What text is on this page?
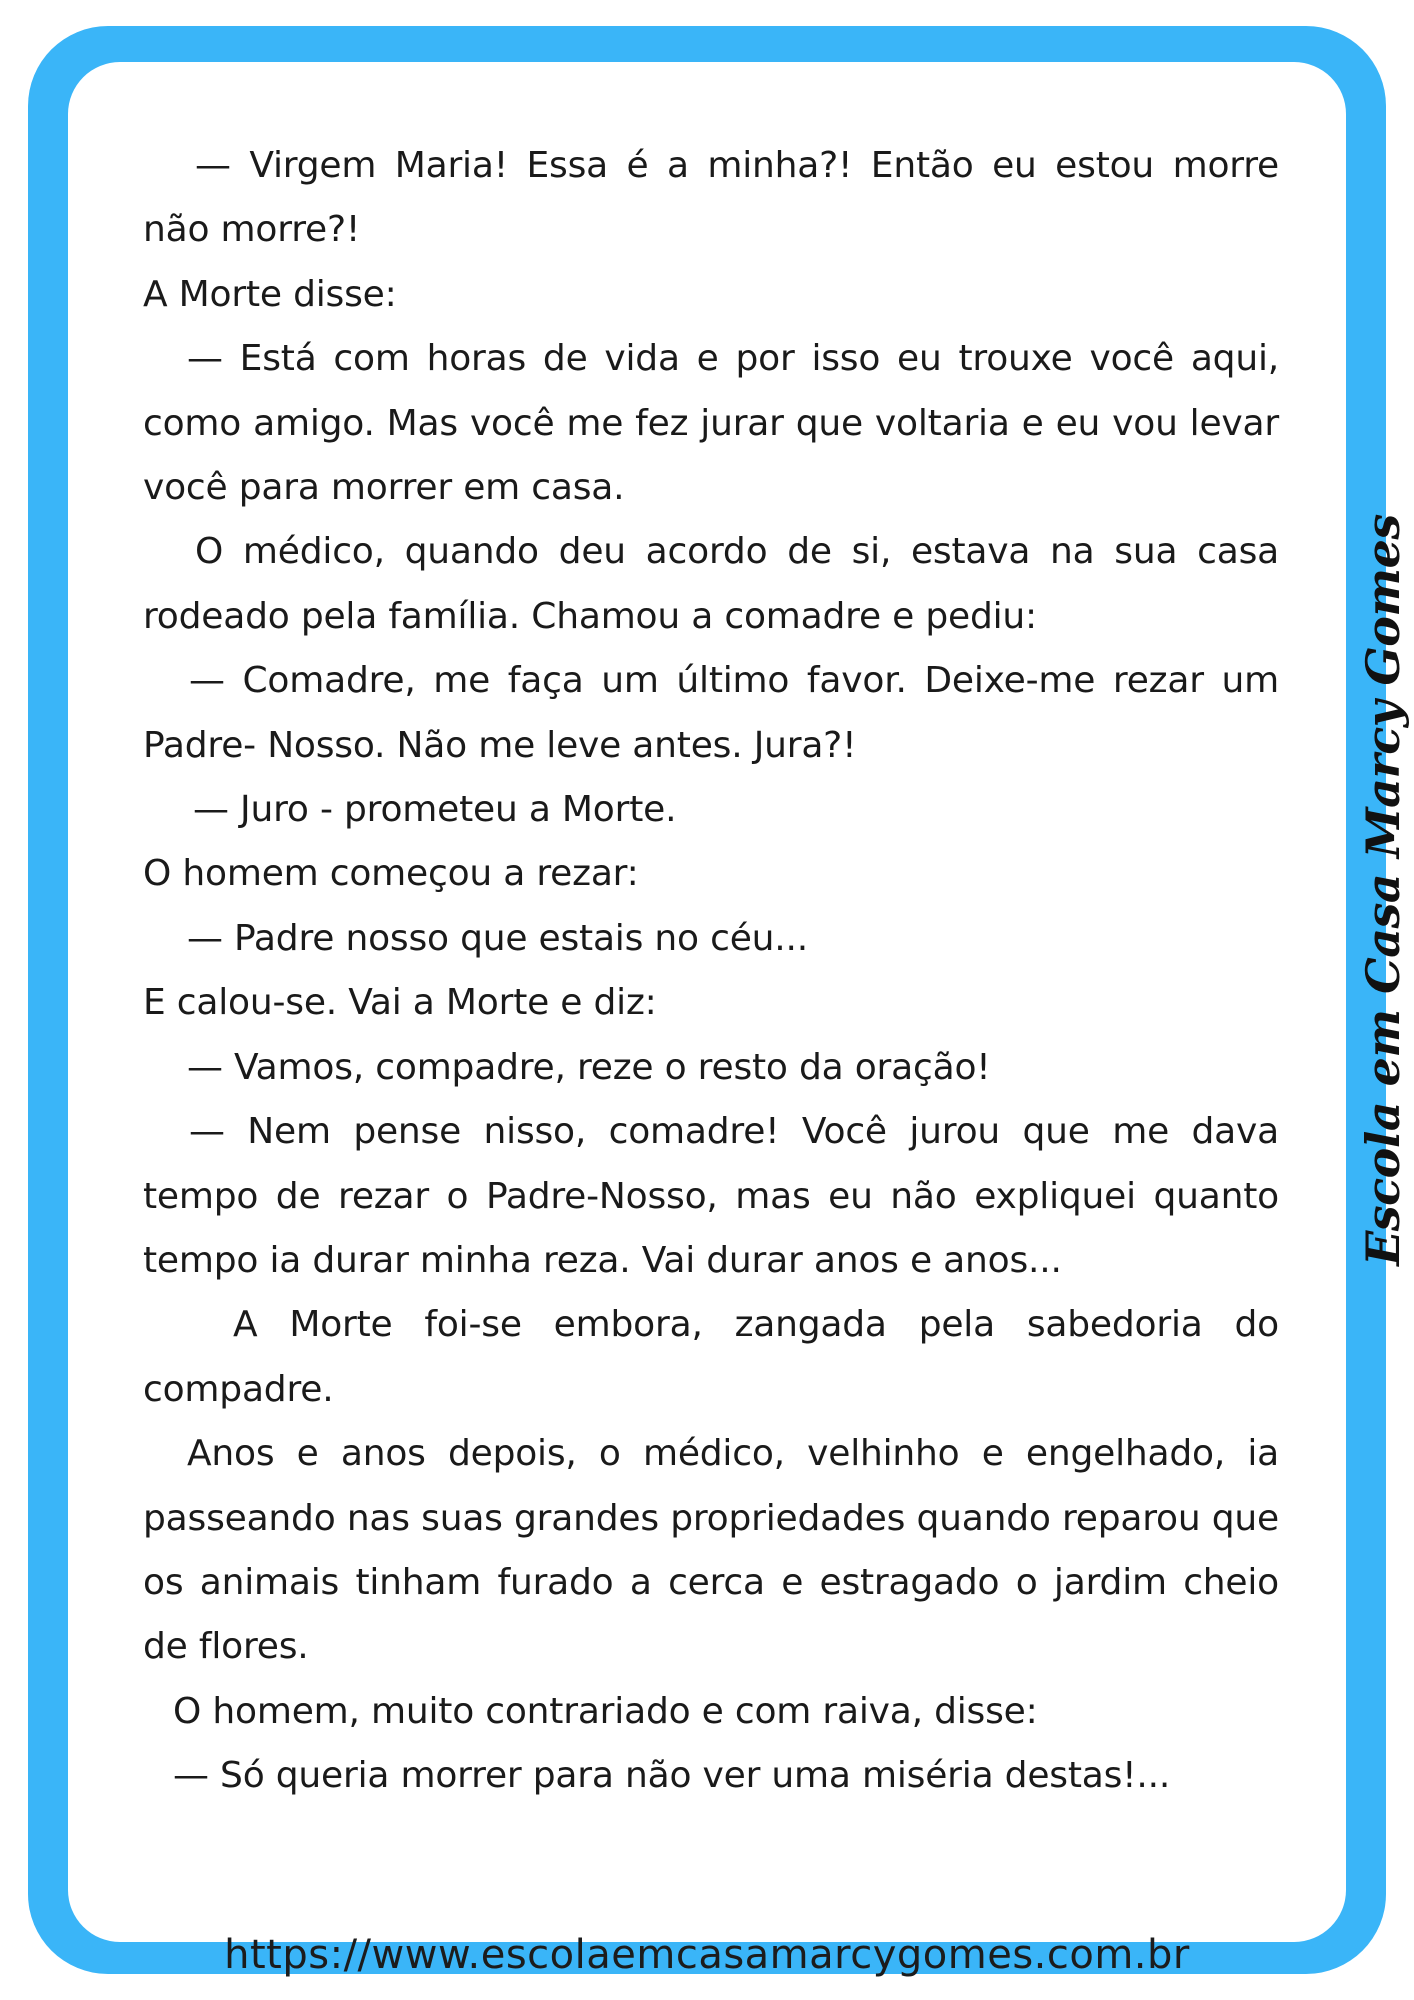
— Virgem Maria! Essa é a minha?! Então eu estou morre não morre?!

A Morte disse:

— Está com horas de vida e por isso eu trouxe você aqui, como amigo. Mas você me fez jurar que voltaria e eu vou levar você para morrer em casa.

O médico, quando deu acordo de si, estava na sua casa rodeado pela família. Chamou a comadre e pediu:

— Comadre, me faça um último favor. Deixe-me rezar um Padre- Nosso. Não me leve antes. Jura?!

— Juro - prometeu a Morte.

O homem começou a rezar:

— Padre nosso que estais no céu...

E calou-se. Vai a Morte e diz:

— Vamos, compadre, reze o resto da oração!

— Nem pense nisso, comadre! Você jurou que me dava tempo de rezar o Padre-Nosso, mas eu não expliquei quanto tempo ia durar minha reza. Vai durar anos e anos...

A Morte foi-se embora, zangada pela sabedoria do compadre.

Anos e anos depois, o médico, velhinho e engelhado, ia passeando nas suas grandes propriedades quando reparou que os animais tinham furado a cerca e estragado o jardim cheio de flores.

O homem, muito contrariado e com raiva, disse:

— Só queria morrer para não ver uma miséria destas!...

Escola em Casa Marcy Gomes
https://www.escolaemcasamarcygomes.com.br
